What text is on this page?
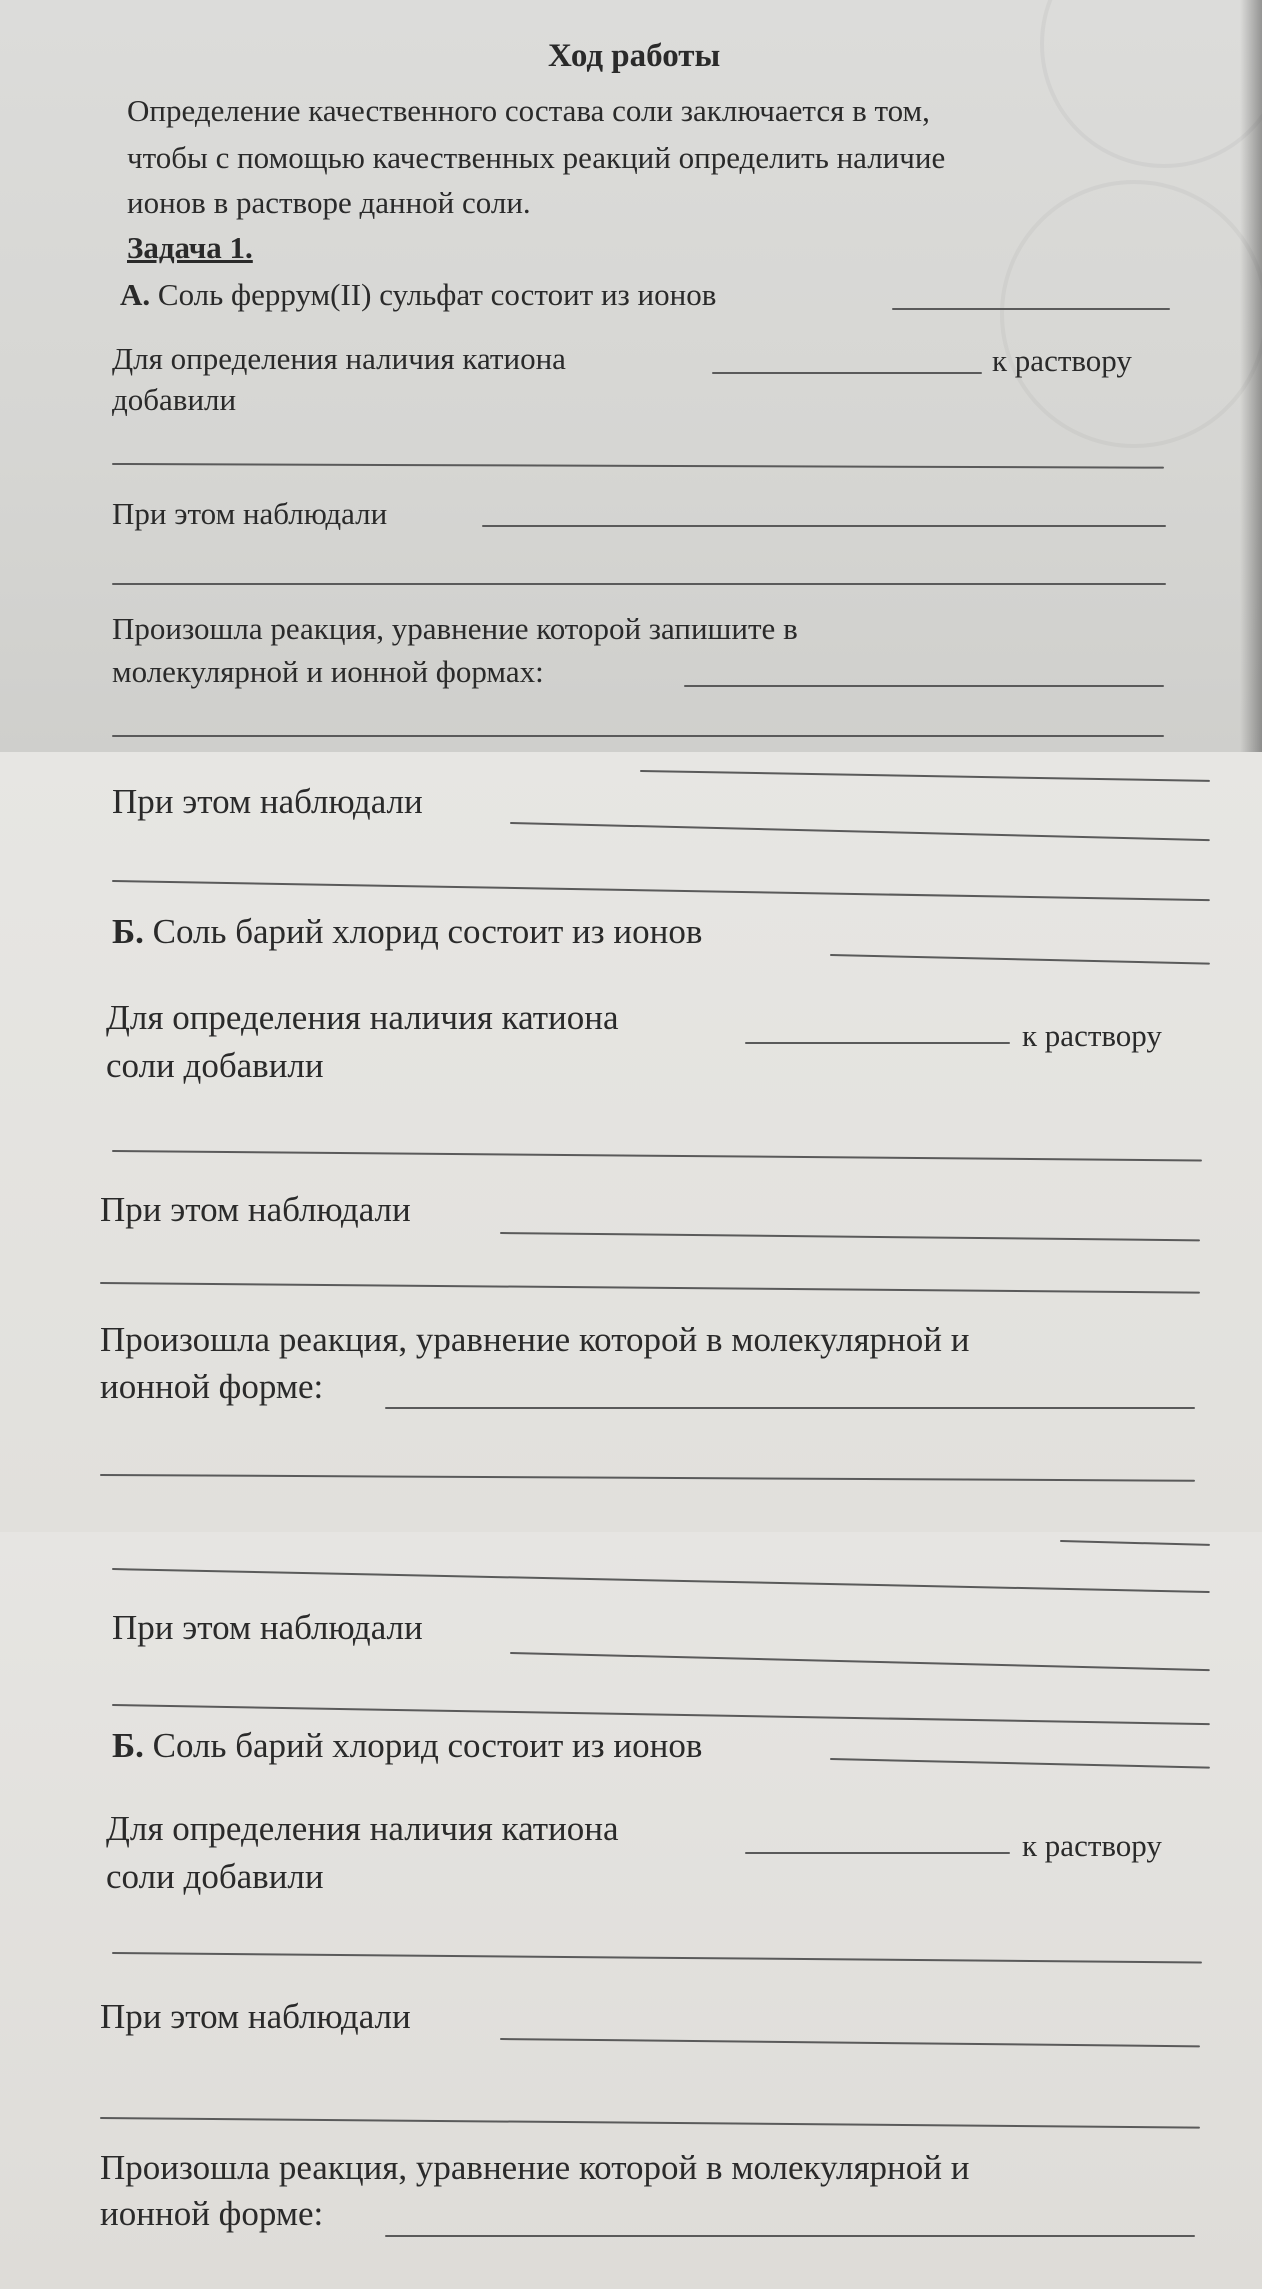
Ход работы
Определение качественного состава соли заключается в том,
чтобы с помощью качественных реакций определить наличие
ионов в растворе данной соли.
Задача 1.
А. Соль феррум(II) сульфат состоит из ионов
Для определения наличия катиона	к раствору
добавили
При этом наблюдали
Произошла реакция, уравнение которой запишите в
молекулярной и ионной формах:
При этом наблюдали
Б. Соль барий хлорид состоит из ионов
Для определения наличия катиона	к раствору
соли добавили
При этом наблюдали
Произошла реакция, уравнение которой в молекулярной и
ионной форме:
При этом наблюдали
Б. Соль барий хлорид состоит из ионов
Для определения наличия катиона	к раствору
соли добавили
При этом наблюдали
Произошла реакция, уравнение которой в молекулярной и
ионной форме:
